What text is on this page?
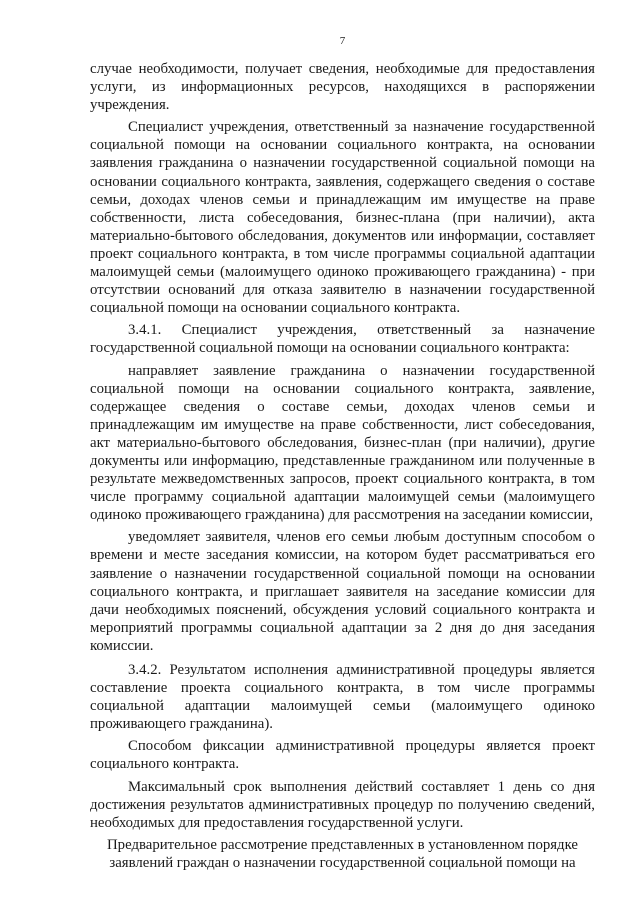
7

случае необходимости, получает сведения, необходимые для предоставления услуги, из информационных ресурсов, находящихся в распоряжении учреждения.

Специалист учреждения, ответственный за назначение государственной социальной помощи на основании социального контракта, на основании заявления гражданина о назначении государственной социальной помощи на основании социального контракта, заявления, содержащего сведения о составе семьи, доходах членов семьи и принадлежащим им имуществе на праве собственности, листа собеседования, бизнес-плана (при наличии), акта материально-бытового обследования, документов или информации, составляет проект социального контракта, в том числе программы социальной адаптации малоимущей семьи (малоимущего одиноко проживающего гражданина) - при отсутствии оснований для отказа заявителю в назначении государственной социальной помощи на основании социального контракта.

3.4.1. Специалист учреждения, ответственный за назначение государственной социальной помощи на основании социального контракта:

направляет заявление гражданина о назначении государственной социальной помощи на основании социального контракта, заявление, содержащее сведения о составе семьи, доходах членов семьи и принадлежащим им имуществе на праве собственности, лист собеседования, акт материально-бытового обследования, бизнес-план (при наличии), другие документы или информацию, представленные гражданином или полученные в результате межведомственных запросов, проект социального контракта, в том числе программу социальной адаптации малоимущей семьи (малоимущего одиноко проживающего гражданина) для рассмотрения на заседании комиссии,

уведомляет заявителя, членов его семьи любым доступным способом о времени и месте заседания комиссии, на котором будет рассматриваться его заявление о назначении государственной социальной помощи на основании социального контракта, и приглашает заявителя на заседание комиссии для дачи необходимых пояснений, обсуждения условий социального контракта и мероприятий программы социальной адаптации за 2 дня до дня заседания комиссии.

3.4.2. Результатом исполнения административной процедуры является составление проекта социального контракта, в том числе программы социальной адаптации малоимущей семьи (малоимущего одиноко проживающего гражданина).

Способом фиксации административной процедуры является проект социального контракта.

Максимальный срок выполнения действий составляет 1 день со дня достижения результатов административных процедур по получению сведений, необходимых для предоставления государственной услуги.

Предварительное рассмотрение представленных в установленном порядке заявлений граждан о назначении государственной социальной помощи на
